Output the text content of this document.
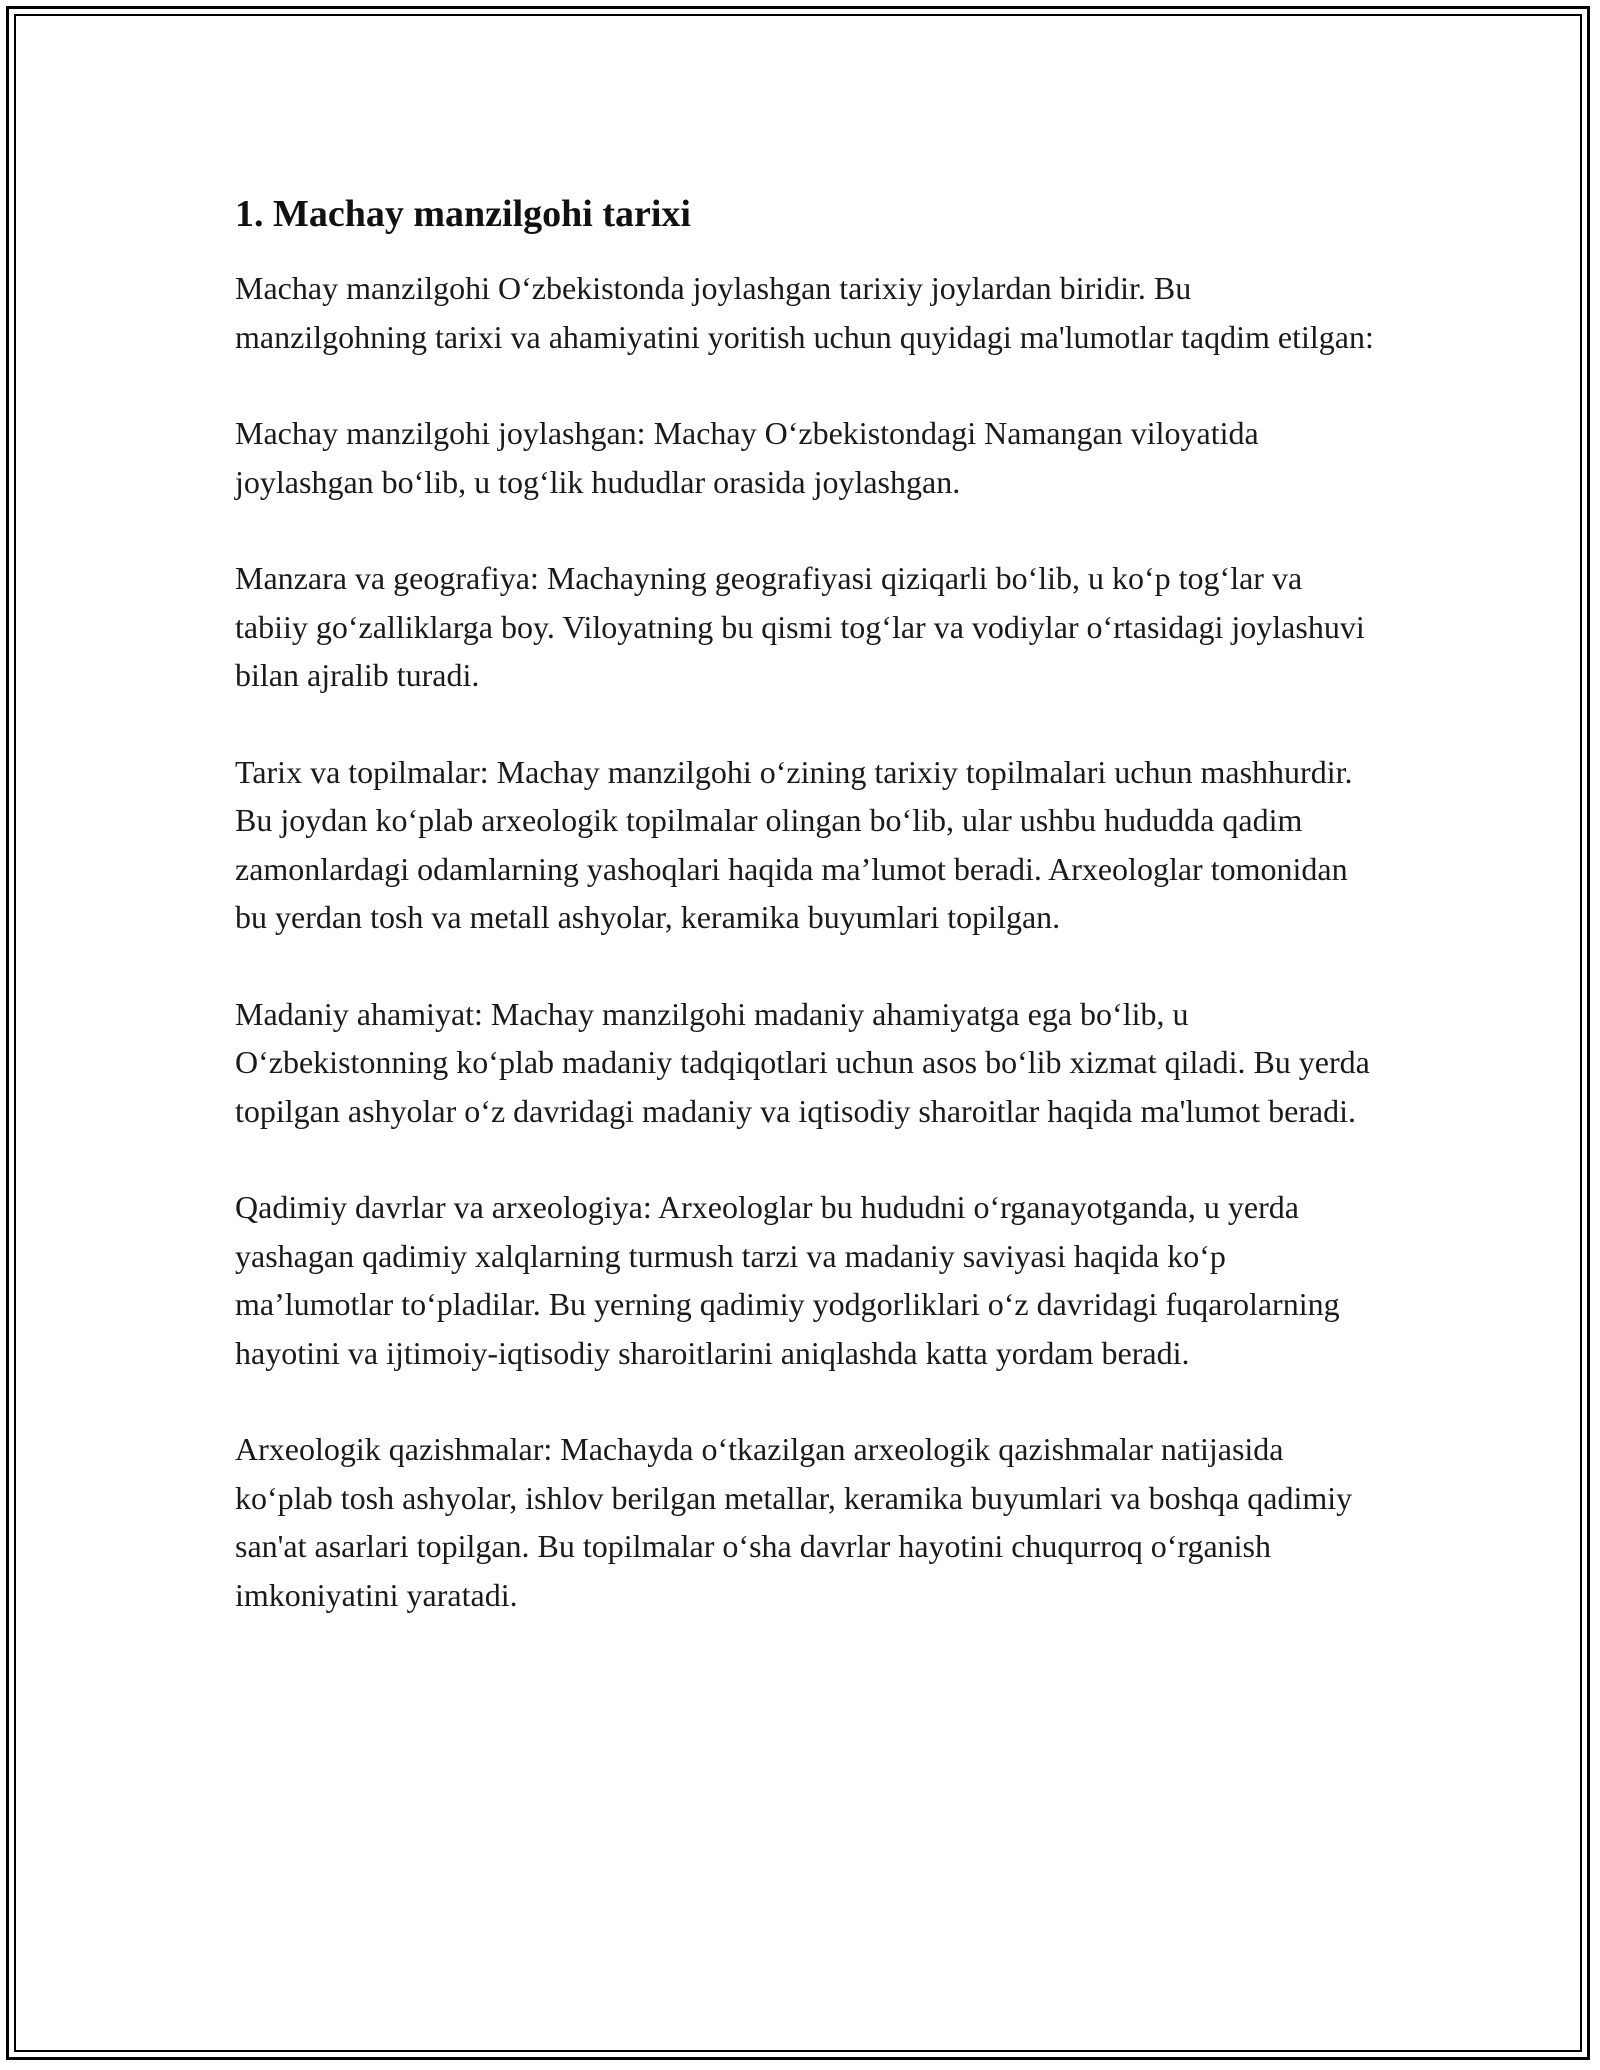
1. Machay manzilgohi tarixi

Machay manzilgohi O‘zbekistonda joylashgan tarixiy joylardan biridir. Bu manzilgohning tarixi va ahamiyatini yoritish uchun quyidagi ma'lumotlar taqdim etilgan:

Machay manzilgohi joylashgan: Machay O‘zbekistondagi Namangan viloyatida joylashgan bo‘lib, u tog‘lik hududlar orasida joylashgan.

Manzara va geografiya: Machayning geografiyasi qiziqarli bo‘lib, u ko‘p tog‘lar va tabiiy go‘zalliklarga boy. Viloyatning bu qismi tog‘lar va vodiylar o‘rtasidagi joylashuvi bilan ajralib turadi.

Tarix va topilmalar: Machay manzilgohi o‘zining tarixiy topilmalari uchun mashhurdir. Bu joydan ko‘plab arxeologik topilmalar olingan bo‘lib, ular ushbu hududda qadim zamonlardagi odamlarning yashoqlari haqida ma’lumot beradi. Arxeologlar tomonidan bu yerdan tosh va metall ashyolar, keramika buyumlari topilgan.

Madaniy ahamiyat: Machay manzilgohi madaniy ahamiyatga ega bo‘lib, u O‘zbekistonning ko‘plab madaniy tadqiqotlari uchun asos bo‘lib xizmat qiladi. Bu yerda topilgan ashyolar o‘z davridagi madaniy va iqtisodiy sharoitlar haqida ma'lumot beradi.

Qadimiy davrlar va arxeologiya: Arxeologlar bu hududni o‘rganayotganda, u yerda yashagan qadimiy xalqlarning turmush tarzi va madaniy saviyasi haqida ko‘p ma’lumotlar to‘pladilar. Bu yerning qadimiy yodgorliklari o‘z davridagi fuqarolarning hayotini va ijtimoiy-iqtisodiy sharoitlarini aniqlashda katta yordam beradi.

Arxeologik qazishmalar: Machayda o‘tkazilgan arxeologik qazishmalar natijasida ko‘plab tosh ashyolar, ishlov berilgan metallar, keramika buyumlari va boshqa qadimiy san'at asarlari topilgan. Bu topilmalar o‘sha davrlar hayotini chuqurroq o‘rganish imkoniyatini yaratadi.
